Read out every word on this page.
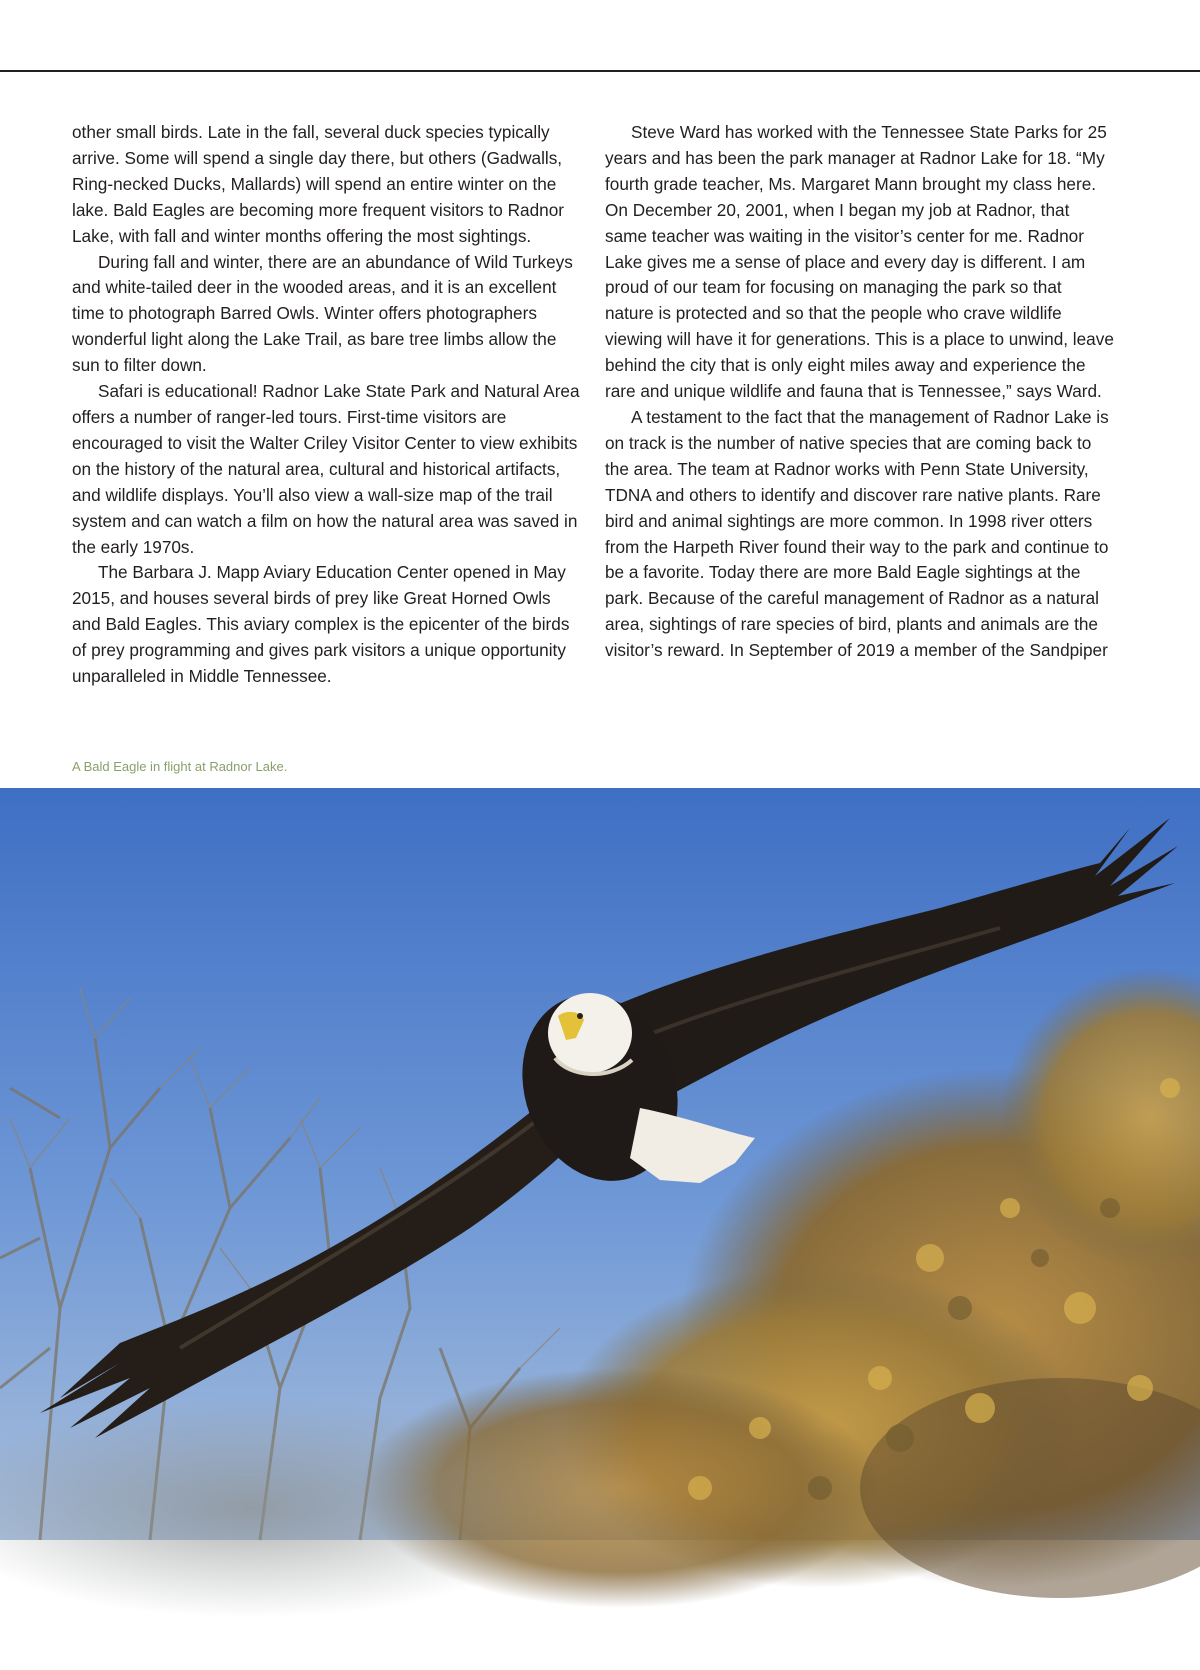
other small birds. Late in the fall, several duck species typically arrive. Some will spend a single day there, but others (Gadwalls, Ring-necked Ducks, Mallards) will spend an entire winter on the lake. Bald Eagles are becoming more frequent visitors to Radnor Lake, with fall and winter months offering the most sightings.

During fall and winter, there are an abundance of Wild Turkeys and white-tailed deer in the wooded areas, and it is an excellent time to photograph Barred Owls. Winter offers photographers wonderful light along the Lake Trail, as bare tree limbs allow the sun to filter down.

Safari is educational! Radnor Lake State Park and Natural Area offers a number of ranger-led tours. First-time visitors are encouraged to visit the Walter Criley Visitor Center to view exhibits on the history of the natural area, cultural and historical artifacts, and wildlife displays. You’ll also view a wall-size map of the trail system and can watch a film on how the natural area was saved in the early 1970s.

The Barbara J. Mapp Aviary Education Center opened in May 2015, and houses several birds of prey like Great Horned Owls and Bald Eagles. This aviary complex is the epicenter of the birds of prey programming and gives park visitors a unique opportunity unparalleled in Middle Tennessee.

Steve Ward has worked with the Tennessee State Parks for 25 years and has been the park manager at Radnor Lake for 18. “My fourth grade teacher, Ms. Margaret Mann brought my class here. On December 20, 2001, when I began my job at Radnor, that same teacher was waiting in the visitor’s center for me. Radnor Lake gives me a sense of place and every day is different. I am proud of our team for focusing on managing the park so that nature is protected and so that the people who crave wildlife viewing will have it for generations. This is a place to unwind, leave behind the city that is only eight miles away and experience the rare and unique wildlife and fauna that is Tennessee,” says Ward.

A testament to the fact that the management of Radnor Lake is on track is the number of native species that are coming back to the area. The team at Radnor works with Penn State University, TDNA and others to identify and discover rare native plants. Rare bird and animal sightings are more common. In 1998 river otters from the Harpeth River found their way to the park and continue to be a favorite. Today there are more Bald Eagle sightings at the park. Because of the careful management of Radnor as a natural area, sightings of rare species of bird, plants and animals are the visitor’s reward. In September of 2019 a member of the Sandpiper

A Bald Eagle in flight at Radnor Lake.

©Ronald Manley
